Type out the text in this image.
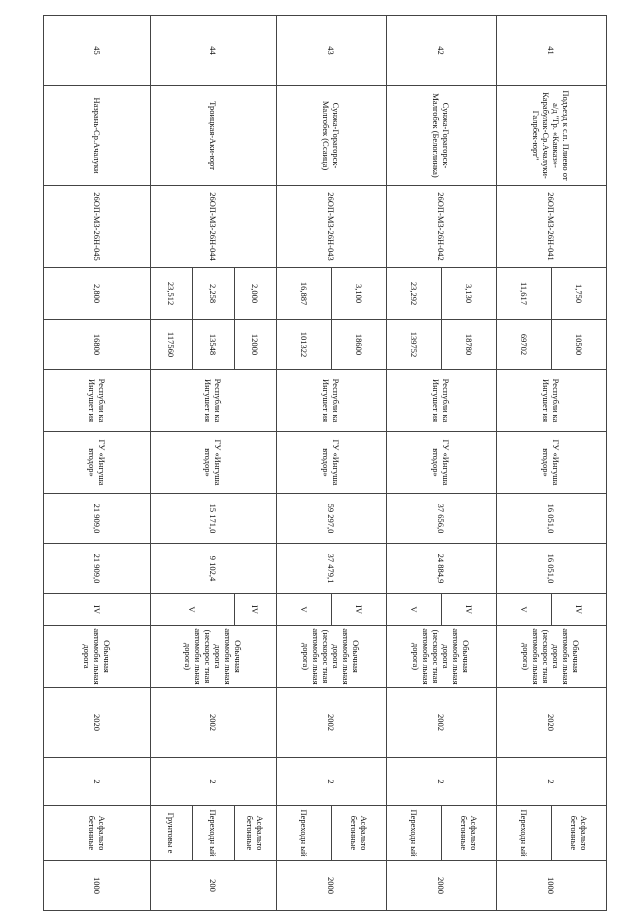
41	Подъезд к с.п. Плиево от а/д "Гр. «Кавказ»-Карабулак-Ср.Ачалуки-Галрбек-юрт"	26ОП-МЗ-26Н-041	1,750	10500	Республи ка Ингушет ия	ГУ «Ингуша втодор»	16 051,0	16 051,0	IV	Обычная автомоби льная дорога (нескорос тная автомоби льная дорога)	2020	2	Асфальто бетонные	1000	
			11,617	69702					V				Переходн ый		
42	Сунжа-Горагорск-Малгобек (Белоглинка)	26ОП-МЗ-26Н-042	3,130	18780	Республи ка Ингушет ия	ГУ «Ингуша втодор»	37 656,0	24 884,9	IV	Обычная автомоби льная дорога (нескорос тная автомоби льная дорога)	2002	2	Асфальто бетонные	2000	
			23,292	139752					V				Переходн ый		
43	Сунжа-Горагорск-Малгобек (Ссаица)	26ОП-МЗ-26Н-043	3,100	18600	Республи ка Ингушет ия	ГУ «Ингуша втодор»	59 297,0	37 479,1	IV	Обычная автомоби льная дорога (нескорос тная автомоби льная дорога)	2002	2	Асфальто бетонные	2000	
			16,887	101322					V				Переходн ый		
44	Троицкая-Аки-юрт	26ОП-МЗ-26Н-044	2,000	12000	Республи ка Ингушет ия	ГУ «Ингуша втодор»	15 171,0	9 102,4	IV	Обычная автомоби льная дорога (нескорос тная автомоби льная дорога)	2002	2	Асфальто бетонные	200	
			2,258	13548					V				Переходн ый		
			23,512	117560									Грунтовы е		
45	Назрань-Ср.Ачалуки	26ОП-МЗ-26Н-045	2,800	16800	Республи ка Ингушет ия	ГУ «Ингуша втодор»	21 909,0	21 909,0	IV	Обычная автомоби льная дорога	2020	2	Асфальто бетонные	1000	
